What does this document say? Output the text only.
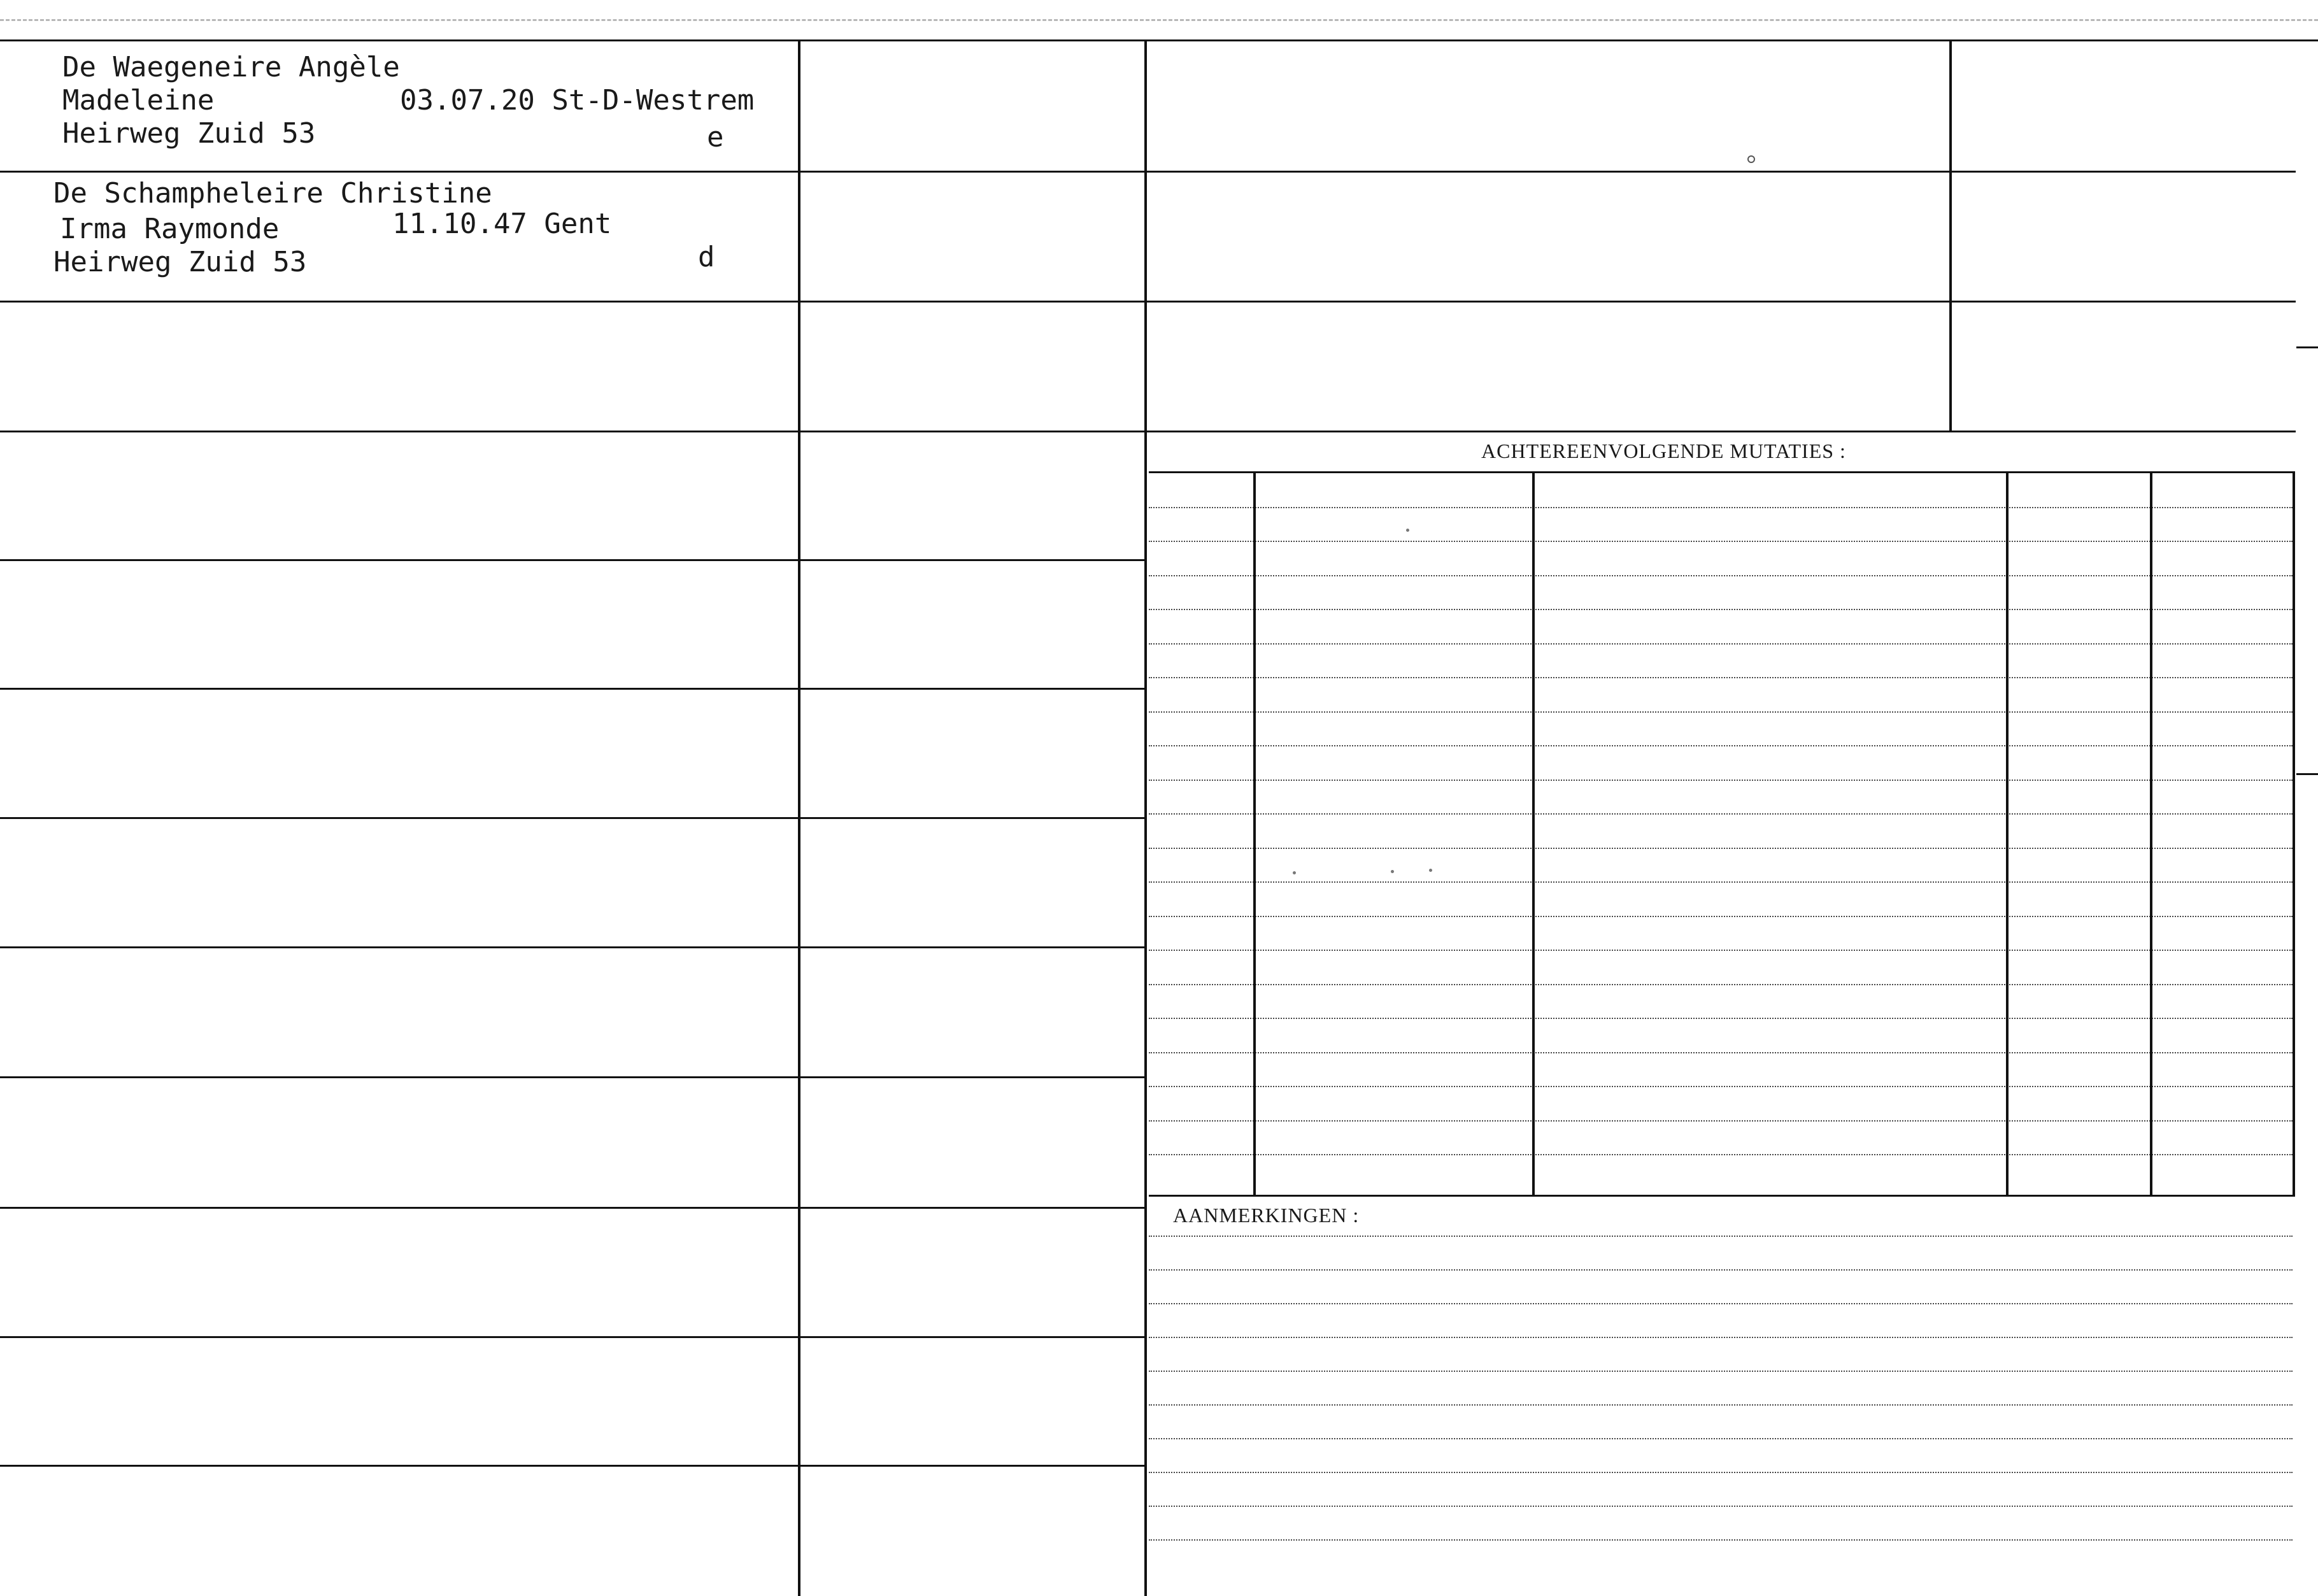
De Waegeneire Angèle
Madeleine	03.07.20 St-D-Westrem
Heirweg Zuid 53	e
De Schampheleire Christine
Irma Raymonde	11.10.47 Gent
Heirweg Zuid 53	d
ACHTEREENVOLGENDE MUTATIES :
AANMERKINGEN :
